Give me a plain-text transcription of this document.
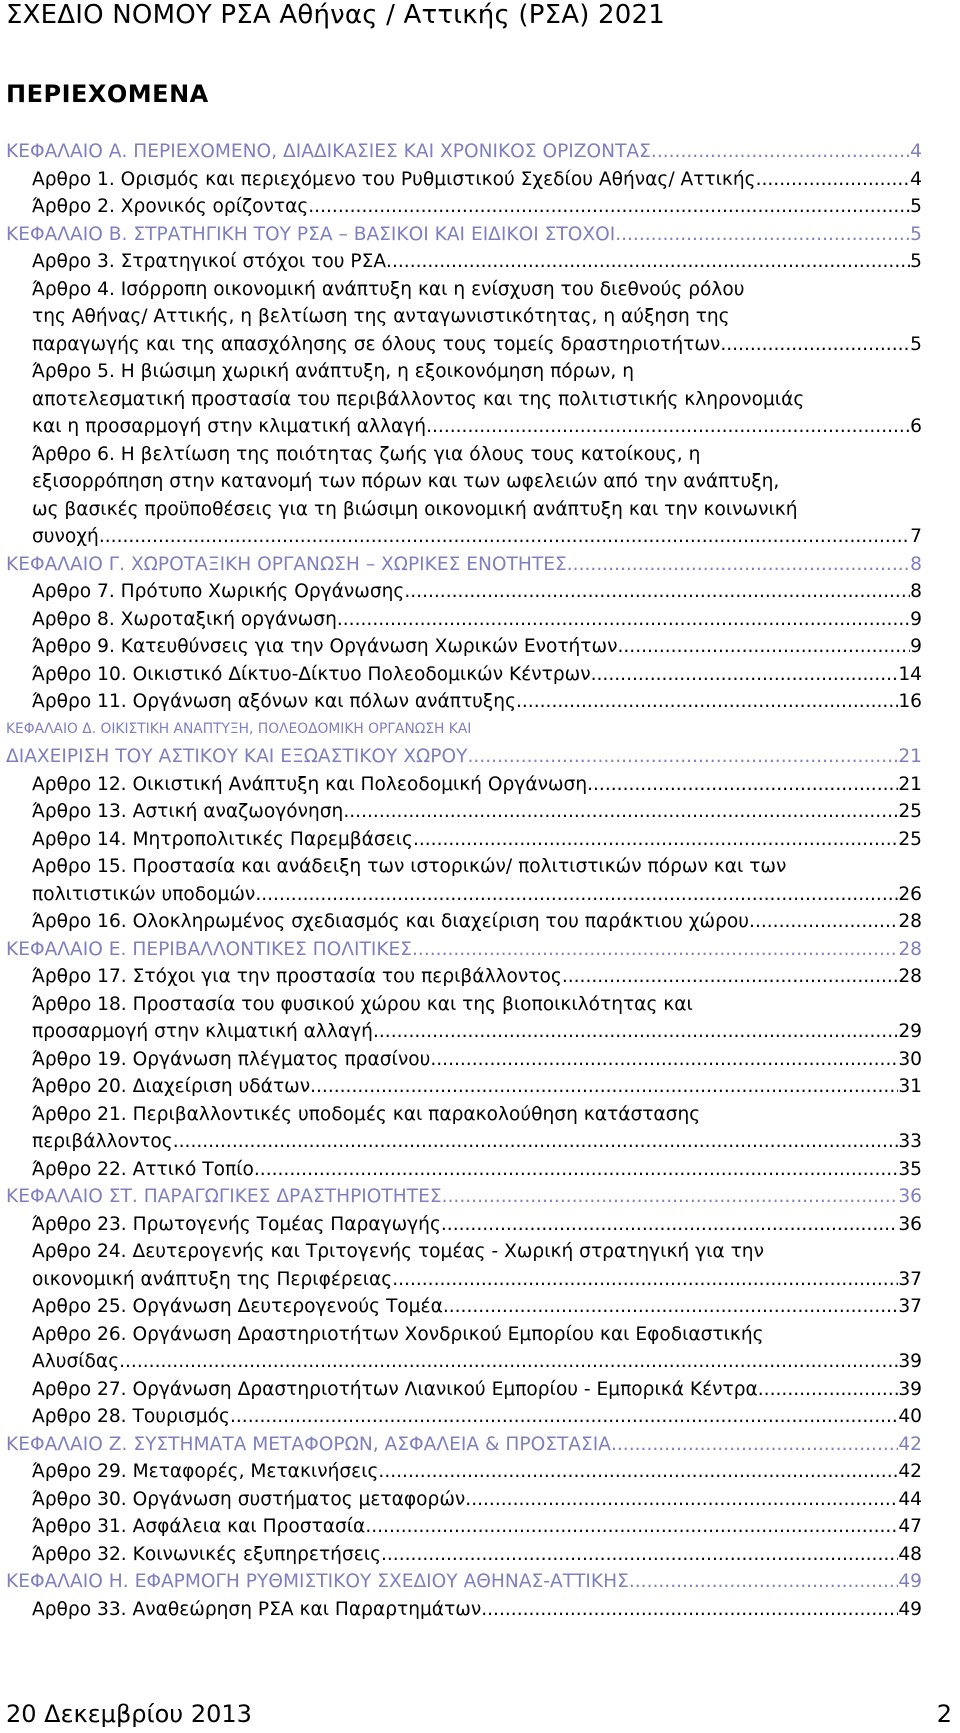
ΣΧΕΔΙΟ ΝΟΜΟΥ ΡΣΑ Αθήνας / Αττικής (ΡΣΑ) 2021
ΠΕΡΙΕΧΟΜΕΝΑ
ΚΕΦΑΛΑΙΟ Α. ΠΕΡΙΕΧΟΜΕΝΟ, ΔΙΑΔΙΚΑΣΙΕΣ ΚΑΙ ΧΡΟΝΙΚΟΣ ΟΡΙΖΟΝΤΑΣ .....	4
Αρθρο 1. Ορισμός και περιεχόμενο του Ρυθμιστικού Σχεδίου Αθήνας/ Αττικής .....	4
Άρθρο 2. Χρονικός ορίζοντας .....	5
ΚΕΦΑΛΑΙΟ Β. ΣΤΡΑΤΗΓΙΚΗ ΤΟΥ ΡΣΑ – ΒΑΣΙΚΟΙ ΚΑΙ ΕΙΔΙΚΟΙ ΣΤΟΧΟΙ .....	5
Αρθρο 3. Στρατηγικοί στόχοι του ΡΣΑ .....	5
Άρθρο 4. Ισόρροπη οικονομική ανάπτυξη και η ενίσχυση του διεθνούς ρόλου
της Αθήνας/ Αττικής, η βελτίωση της ανταγωνιστικότητας, η αύξηση της
παραγωγής και της απασχόλησης σε όλους τους τομείς δραστηριοτήτων .....	5
Άρθρο 5. Η βιώσιμη χωρική ανάπτυξη, η εξοικονόμηση πόρων, η
αποτελεσματική προστασία του περιβάλλοντος και της πολιτιστικής κληρονομιάς
και η προσαρμογή στην κλιματική αλλαγή. .....	6
Άρθρο 6. Η βελτίωση της ποιότητας ζωής για όλους τους κατοίκους, η
εξισορρόπηση στην κατανομή των πόρων και των ωφελειών από την ανάπτυξη,
ως βασικές προϋποθέσεις για τη βιώσιμη οικονομική ανάπτυξη και την κοινωνική
συνοχή. .....	7
ΚΕΦΑΛΑΙΟ Γ. ΧΩΡΟΤΑΞΙΚΗ ΟΡΓΑΝΩΣΗ – ΧΩΡΙΚΕΣ ΕΝΟΤΗΤΕΣ .....	8
Αρθρο 7. Πρότυπο Χωρικής Οργάνωσης .....	8
Αρθρο 8. Χωροταξική οργάνωση .....	9
Άρθρο 9. Κατευθύνσεις για την Οργάνωση Χωρικών Ενοτήτων .....	9
Άρθρο 10. Οικιστικό Δίκτυο-Δίκτυο Πολεοδομικών Κέντρων .....	14
Άρθρο 11. Οργάνωση αξόνων και πόλων ανάπτυξης .....	16
ΚΕΦΑΛΑΙΟ Δ. ΟΙΚΙΣΤΙΚΗ ΑΝΑΠΤΥΞΗ, ΠΟΛΕΟΔΟΜΙΚΗ ΟΡΓΑΝΩΣΗ ΚΑΙ
ΔΙΑΧΕΙΡΙΣΗ ΤΟΥ ΑΣΤΙΚΟΥ ΚΑΙ ΕΞΩΑΣΤΙΚΟΥ ΧΩΡΟΥ .....	21
Αρθρο 12. Οικιστική Ανάπτυξη και Πολεοδομική Οργάνωση .....	21
Άρθρο 13. Αστική αναζωογόνηση .....	25
Αρθρο 14. Μητροπολιτικές Παρεμβάσεις .....	25
Αρθρο 15. Προστασία και ανάδειξη των ιστορικών/ πολιτιστικών πόρων και των
πολιτιστικών υποδομών .....	26
Άρθρο 16. Ολοκληρωμένος σχεδιασμός και διαχείριση του παράκτιου χώρου .....	28
ΚΕΦΑΛΑΙΟ Ε. ΠΕΡΙΒΑΛΛΟΝΤΙΚΕΣ ΠΟΛΙΤΙΚΕΣ .....	28
Άρθρο 17. Στόχοι για την προστασία του περιβάλλοντος .....	28
Άρθρο 18. Προστασία του φυσικού χώρου και της βιοποικιλότητας και
προσαρμογή στην κλιματική αλλαγή .....	29
Άρθρο 19. Οργάνωση πλέγματος πρασίνου .....	30
Άρθρο 20. Διαχείριση υδάτων .....	31
Άρθρο 21. Περιβαλλοντικές υποδομές και παρακολούθηση κατάστασης
περιβάλλοντος .....	33
Άρθρο 22. Αττικό Τοπίο .....	35
ΚΕΦΑΛΑΙΟ ΣΤ. ΠΑΡΑΓΩΓΙΚΕΣ ΔΡΑΣΤΗΡΙΟΤΗΤΕΣ .....	36
Άρθρο 23. Πρωτογενής Τομέας Παραγωγής .....	36
Αρθρο 24. Δευτερογενής και Τριτογενής τομέας - Χωρική στρατηγική για την
οικονομική ανάπτυξη της Περιφέρειας .....	37
Αρθρο 25. Οργάνωση Δευτερογενούς Τομέα .....	37
Αρθρο 26. Οργάνωση Δραστηριοτήτων Χονδρικού Εμπορίου και Εφοδιαστικής
Αλυσίδας .....	39
Αρθρο 27. Οργάνωση Δραστηριοτήτων Λιανικού Εμπορίου - Εμπορικά Κέντρα .....	39
Αρθρο 28. Τουρισμός .....	40
ΚΕΦΑΛΑΙΟ Ζ. ΣΥΣΤΗΜΑΤΑ ΜΕΤΑΦΟΡΩΝ, ΑΣΦΑΛΕΙΑ & ΠΡΟΣΤΑΣΙΑ .....	42
Άρθρο 29. Μεταφορές, Μετακινήσεις .....	42
Άρθρο 30. Οργάνωση συστήματος μεταφορών .....	44
Άρθρο 31. Ασφάλεια και Προστασία .....	47
Άρθρο 32. Κοινωνικές εξυπηρετήσεις .....	48
ΚΕΦΑΛΑΙΟ Η. ΕΦΑΡΜΟΓΗ ΡΥΘΜΙΣΤΙΚΟΥ ΣΧΕΔΙΟΥ ΑΘΗΝΑΣ-ΑΤΤΙΚΗΣ .....	49
Αρθρο 33. Αναθεώρηση ΡΣΑ και Παραρτημάτων .....	49
20 Δεκεμβρίου 2013	2
